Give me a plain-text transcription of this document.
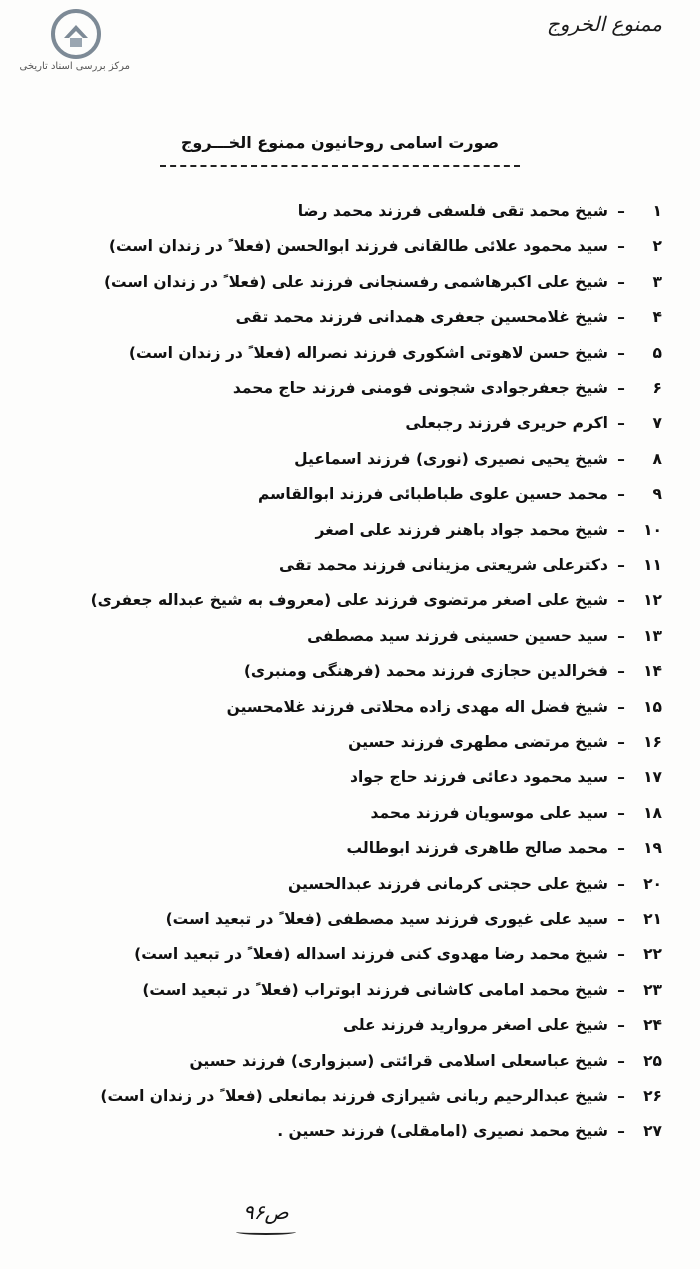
مرکز بررسی اسناد تاریخی
ممنوع الخروج
صورت اسامی روحانیون ممنوع الخـــروج
۱–شیخ محمد تقی فلسفی فرزند محمد رضا
۲–سید محمود علائی طالقانی فرزند ابوالحسن (فعلا ً در زندان است)
۳–شیخ علی اکبرهاشمی رفسنجانی فرزند علی (فعلا ً در زندان است)
۴–شیخ غلامحسین جعفری همدانی فرزند محمد تقی
۵–شیخ حسن لاهوتی اشکوری فرزند نصراله (فعلا ً در زندان است)
۶–شیخ جعفرجوادی شجونی فومنی فرزند حاج محمد
۷–اکرم حریری فرزند رجبعلی
۸–شیخ یحیی نصیری (نوری) فرزند اسماعیل
۹–محمد حسین علوی طباطبائی فرزند ابوالقاسم
۱۰–شیخ محمد جواد باهنر فرزند علی اصغر
۱۱–دکترعلی شریعتی مزینانی فرزند محمد تقی
۱۲–شیخ علی اصغر مرتضوی فرزند علی (معروف به شیخ عبداله جعفری)
۱۳–سید حسین حسینی فرزند سید مصطفی
۱۴–فخرالدین حجازی فرزند محمد (فرهنگی ومنبری)
۱۵–شیخ فضل اله مهدی زاده محلاتی فرزند غلامحسین
۱۶–شیخ مرتضی مطهری فرزند حسین
۱۷–سید محمود دعائی فرزند حاج جواد
۱۸–سید علی موسویان فرزند محمد
۱۹–محمد صالح طاهری فرزند ابوطالب
۲۰–شیخ علی حجتی کرمانی فرزند عبدالحسین
۲۱–سید علی غیوری فرزند سید مصطفی (فعلا ً در تبعید است)
۲۲–شیخ محمد رضا مهدوی کنی فرزند اسداله (فعلا ً در تبعید است)
۲۳–شیخ محمد امامی کاشانی فرزند ابوتراب (فعلا ً در تبعید است)
۲۴–شیخ علی اصغر مروارید فرزند علی
۲۵–شیخ عباسعلی اسلامی قرائتی (سبزواری) فرزند حسین
۲۶–شیخ عبدالرحیم ربانی شیرازی فرزند بمانعلی (فعلا ً در زندان است)
۲۷–شیخ محمد نصیری (امامقلی) فرزند حسین .
ص۹۶
